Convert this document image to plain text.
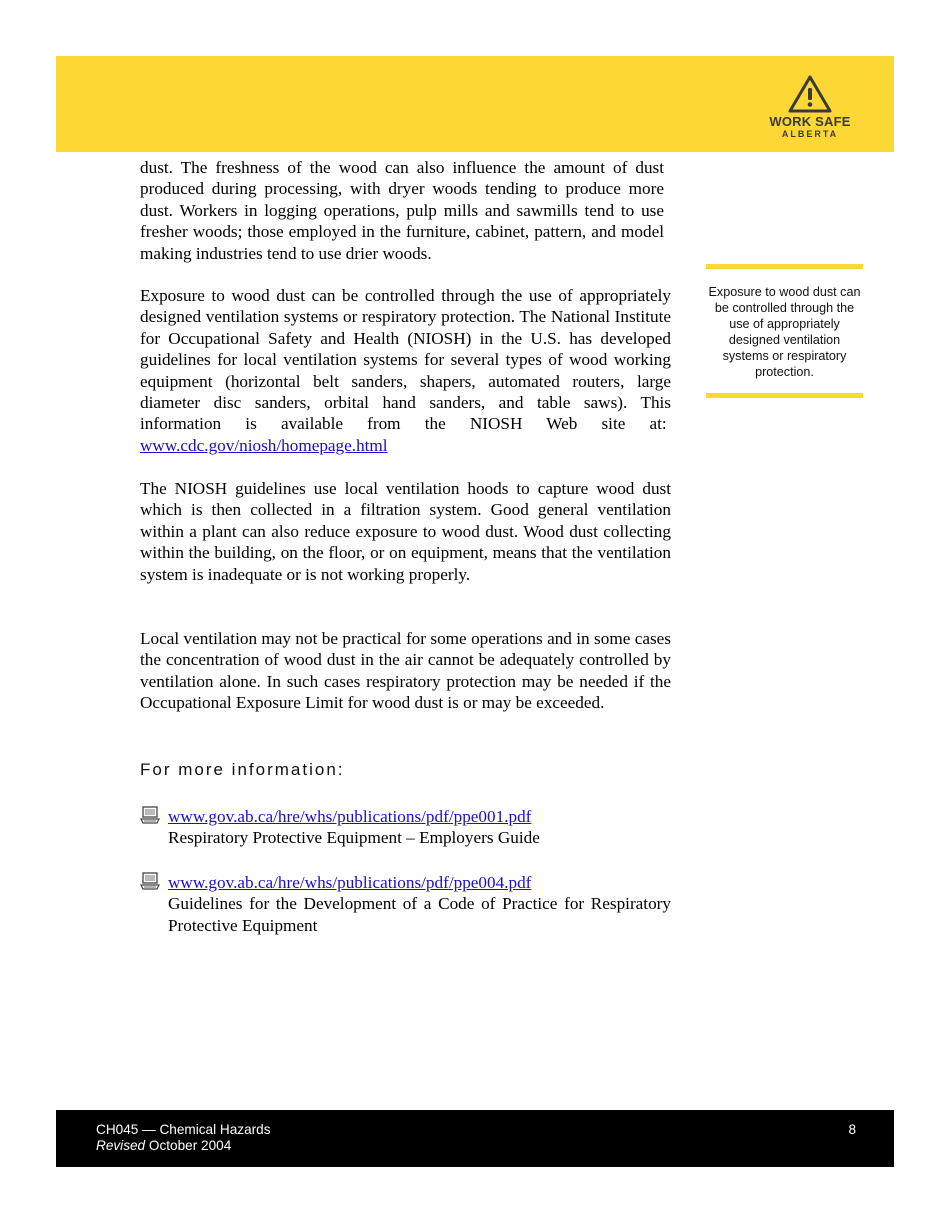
WORK SAFE
ALBERTA

dust. The freshness of the wood can also influence the amount of dust produced during processing, with dryer woods tending to produce more dust. Workers in logging operations, pulp mills and sawmills tend to use fresher woods; those employed in the furniture, cabinet, pattern, and model making industries tend to use drier woods.

Exposure to wood dust can be controlled through the use of appropriately designed ventilation systems or respiratory protection. The National Institute for Occupational Safety and Health (NIOSH) in the U.S. has developed guidelines for local ventilation systems for several types of wood working equipment (horizontal belt sanders, shapers, automated routers, large diameter disc sanders, orbital hand sanders, and table saws). This information is available from the NIOSH Web site at:  www.cdc.gov/niosh/homepage.html

The NIOSH guidelines use local ventilation hoods to capture wood dust which is then collected in a filtration system. Good general ventilation within a plant can also reduce exposure to wood dust. Wood dust collecting within the building, on the floor, or on equipment, means that the ventilation system is inadequate or is not working properly.

Local ventilation may not be practical for some operations and in some cases the concentration of wood dust in the air cannot be adequately controlled by ventilation alone. In such cases respiratory protection may be needed if the Occupational Exposure Limit for wood dust is or may be exceeded.

For more information:
www.gov.ab.ca/hre/whs/publications/pdf/ppe001.pdf
Respiratory Protective Equipment – Employers Guide
www.gov.ab.ca/hre/whs/publications/pdf/ppe004.pdf
Guidelines for the Development of a Code of Practice for Respiratory Protective Equipment
Exposure to wood dust can be controlled through the use of appropriately designed ventilation systems or respiratory protection.
CH045 — Chemical Hazards
Revised October 2004
8
